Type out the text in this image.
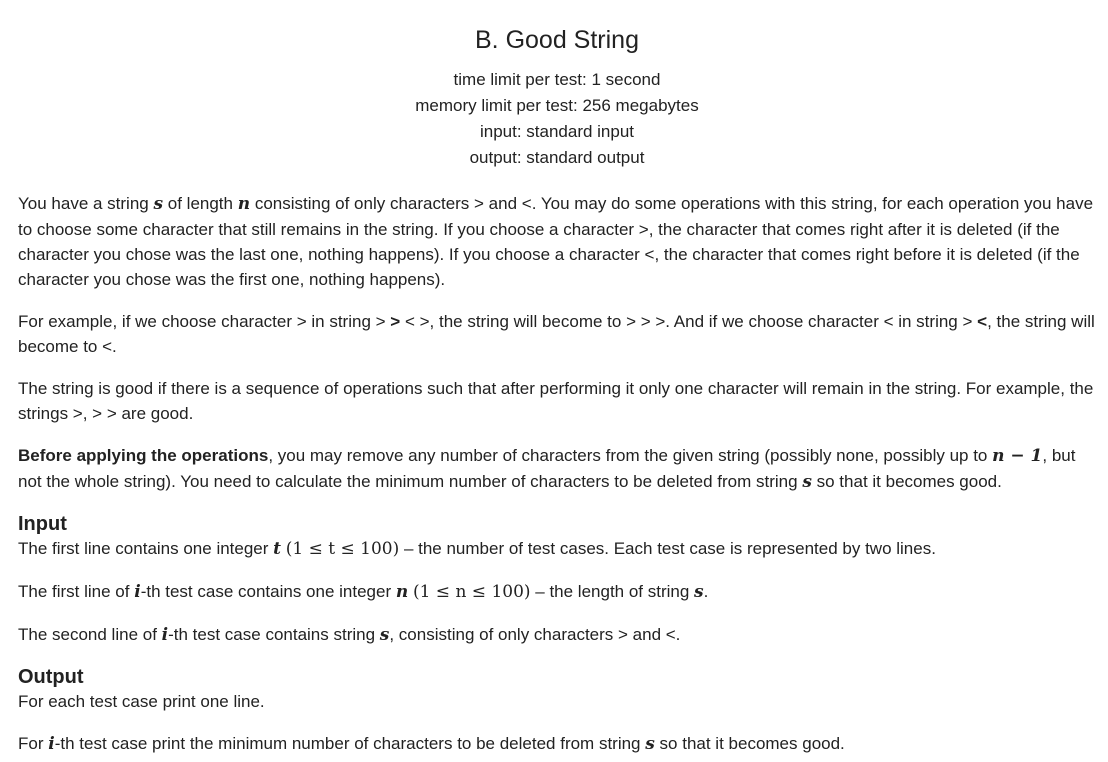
B. Good String
time limit per test: 1 second
memory limit per test: 256 megabytes
input: standard input
output: standard output

You have a string s of length n consisting of only characters > and <. You may do some operations with this string, for each operation you have to choose some character that still remains in the string. If you choose a character >, the character that comes right after it is deleted (if the character you chose was the last one, nothing happens). If you choose a character <, the character that comes right before it is deleted (if the character you chose was the first one, nothing happens).

For example, if we choose character > in string > > < >, the string will become to > > >. And if we choose character < in string > <, the string will become to <.

The string is good if there is a sequence of operations such that after performing it only one character will remain in the string. For example, the strings >, > > are good.

Before applying the operations, you may remove any number of characters from the given string (possibly none, possibly up to n − 1, but not the whole string). You need to calculate the minimum number of characters to be deleted from string s so that it becomes good.

Input

The first line contains one integer t (1 ≤ t ≤ 100) – the number of test cases. Each test case is represented by two lines.

The first line of i-th test case contains one integer n (1 ≤ n ≤ 100) – the length of string s.

The second line of i-th test case contains string s, consisting of only characters > and <.

Output

For each test case print one line.

For i-th test case print the minimum number of characters to be deleted from string s so that it becomes good.
